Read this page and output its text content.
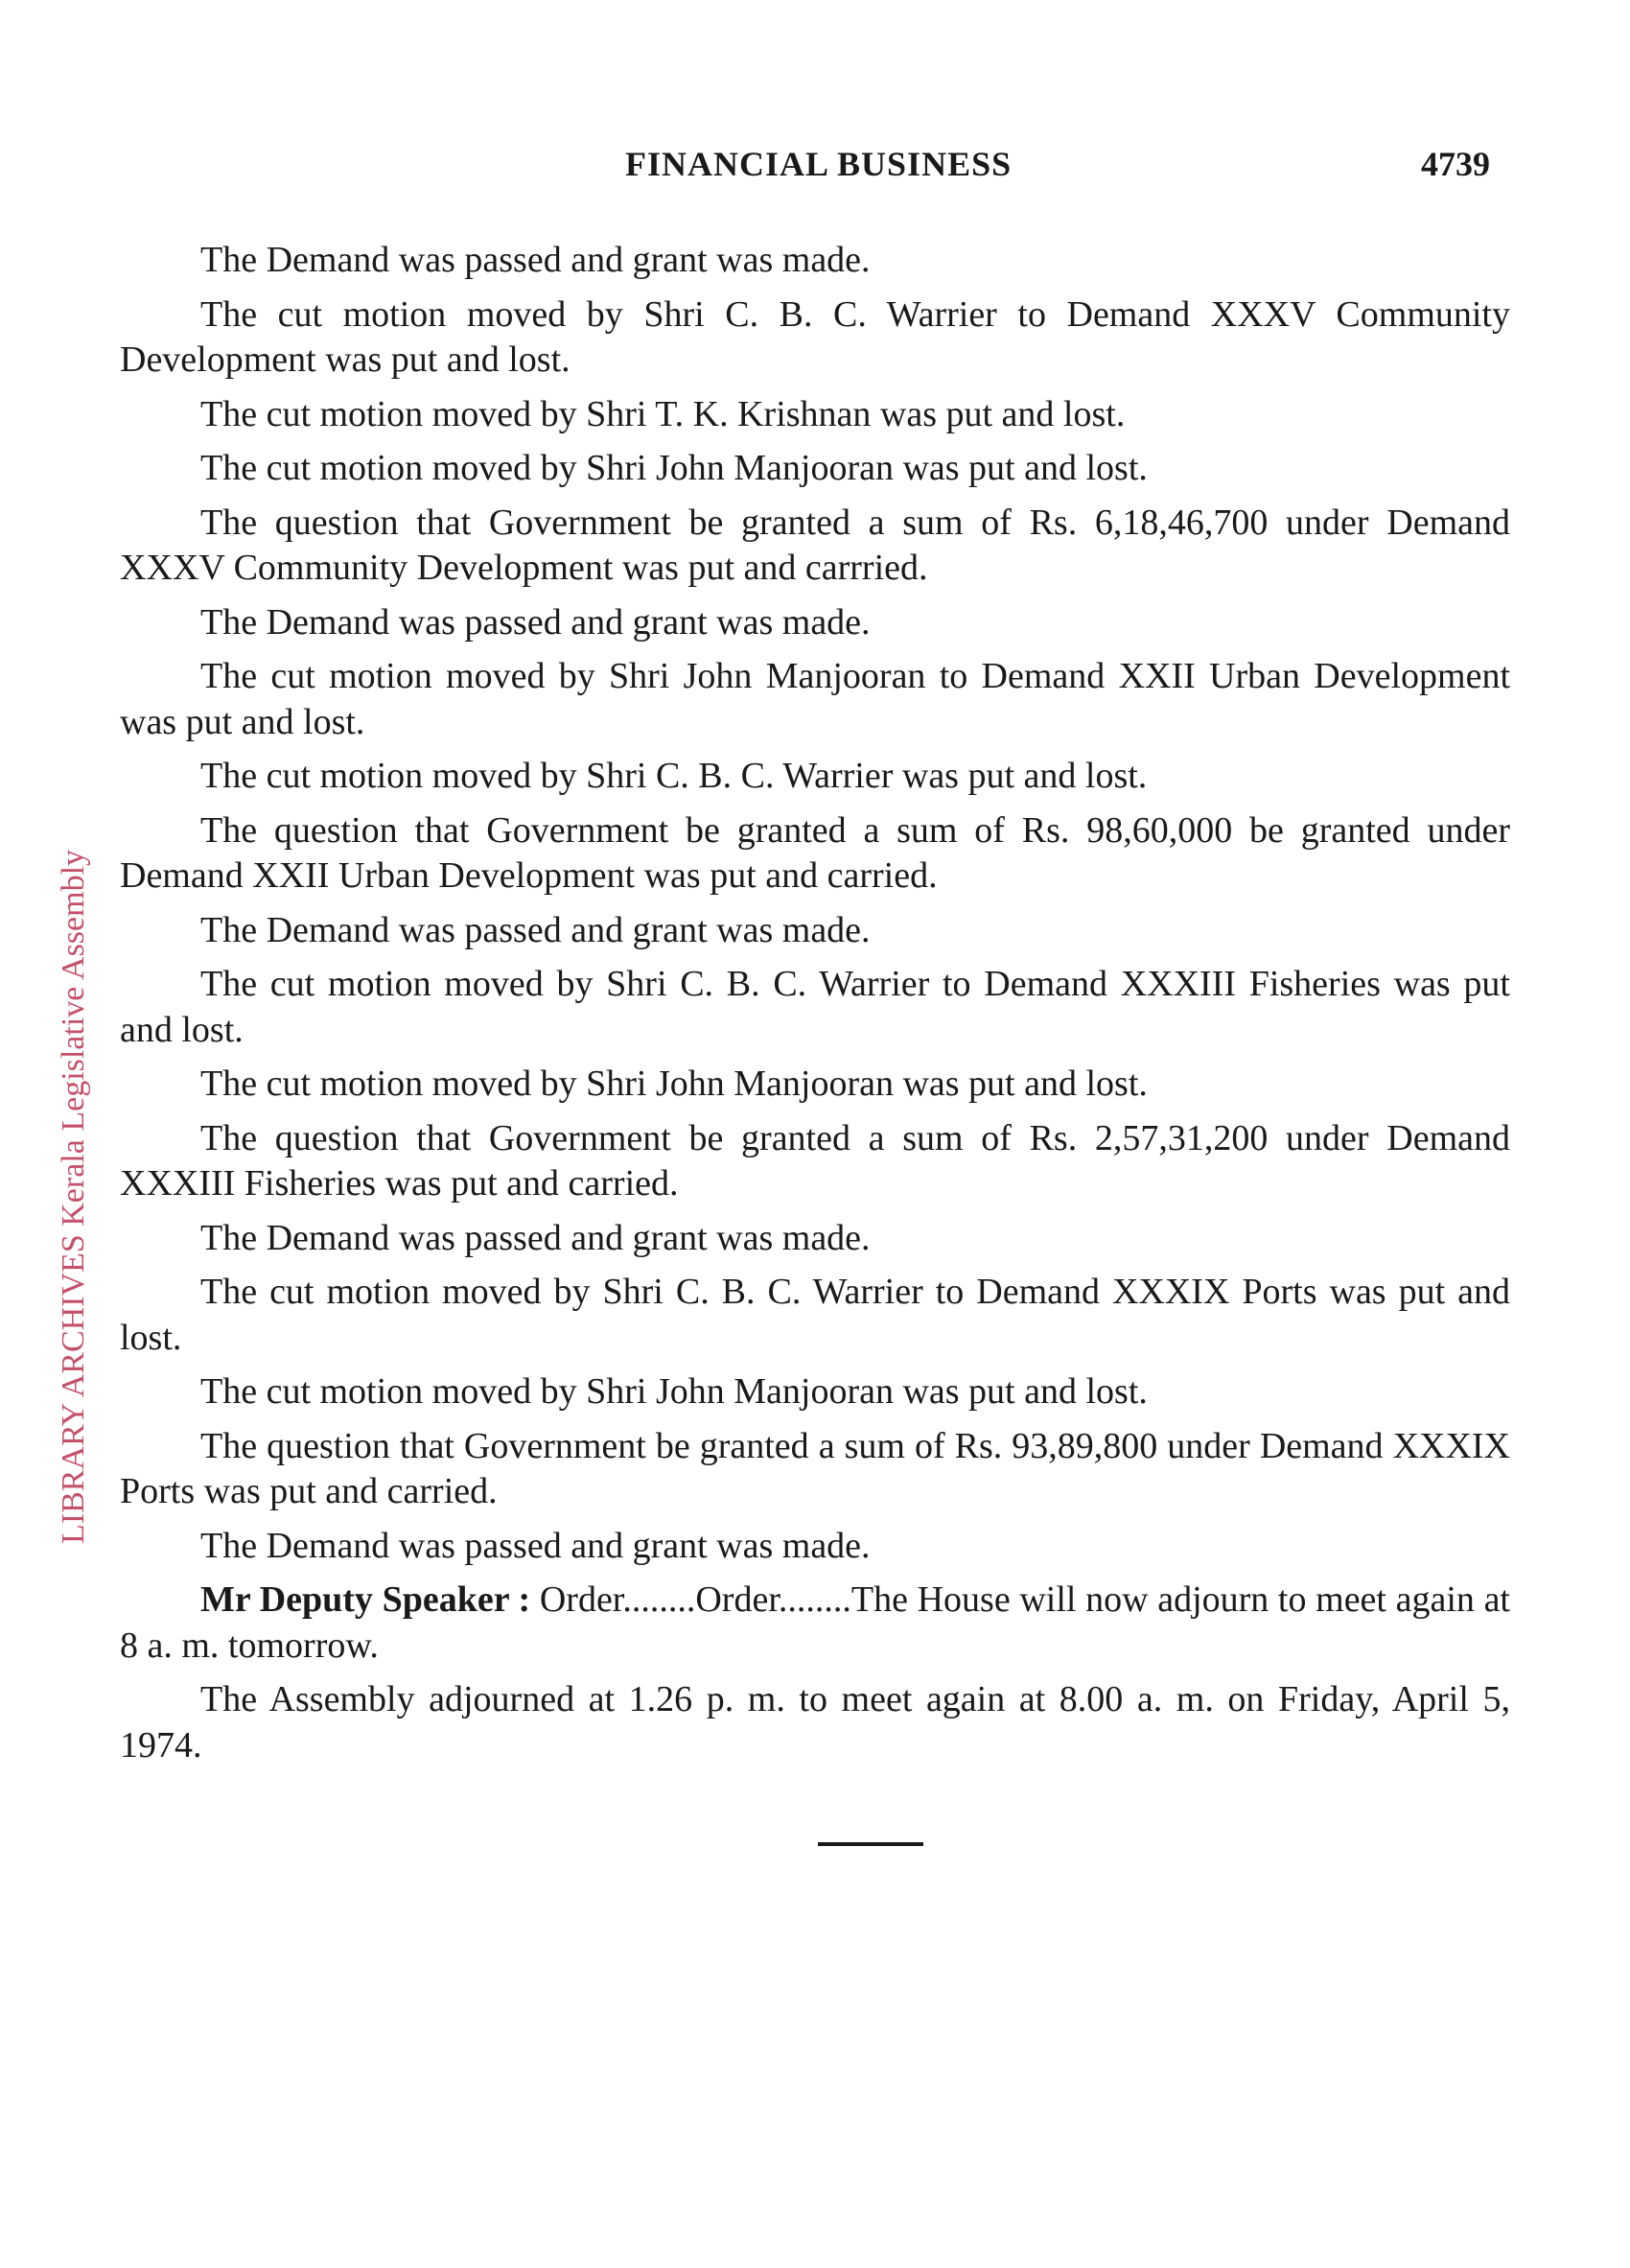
FINANCIAL BUSINESS	4739
LIBRARY ARCHIVES Kerala Legislative Assembly

The Demand was passed and grant was made.

The cut motion moved by Shri C. B. C. Warrier to Demand XXXV Community Development was put and lost.

The cut motion moved by Shri T. K. Krishnan was put and lost.

The cut motion moved by Shri John Manjooran was put and lost.

The question that Government be granted a sum of Rs. 6,18,46,700 under Demand XXXV Community Development was put and carrried.

The Demand was passed and grant was made.

The cut motion moved by Shri John Manjooran to Demand XXII Urban Development was put and lost.

The cut motion moved by Shri C. B. C. Warrier was put and lost.

The question that Government be granted a sum of Rs. 98,60,000 be granted under Demand XXII Urban Development was put and carried.

The Demand was passed and grant was made.

The cut motion moved by Shri C. B. C. Warrier to Demand XXXIII Fisheries was put and lost.

The cut motion moved by Shri John Manjooran was put and lost.

The question that Government be granted a sum of Rs. 2,57,31,200 under Demand XXXIII Fisheries was put and carried.

The Demand was passed and grant was made.

The cut motion moved by Shri C. B. C. Warrier to Demand XXXIX Ports was put and lost.

The cut motion moved by Shri John Manjooran was put and lost.

The question that Government be granted a sum of Rs. 93,89,800 under Demand XXXIX Ports was put and carried.

The Demand was passed and grant was made.

Mr Deputy Speaker : Order........Order........The House will now adjourn to meet again at 8 a. m. tomorrow.

The Assembly adjourned at 1.26 p. m. to meet again at 8.00 a. m. on Friday, April 5, 1974.
